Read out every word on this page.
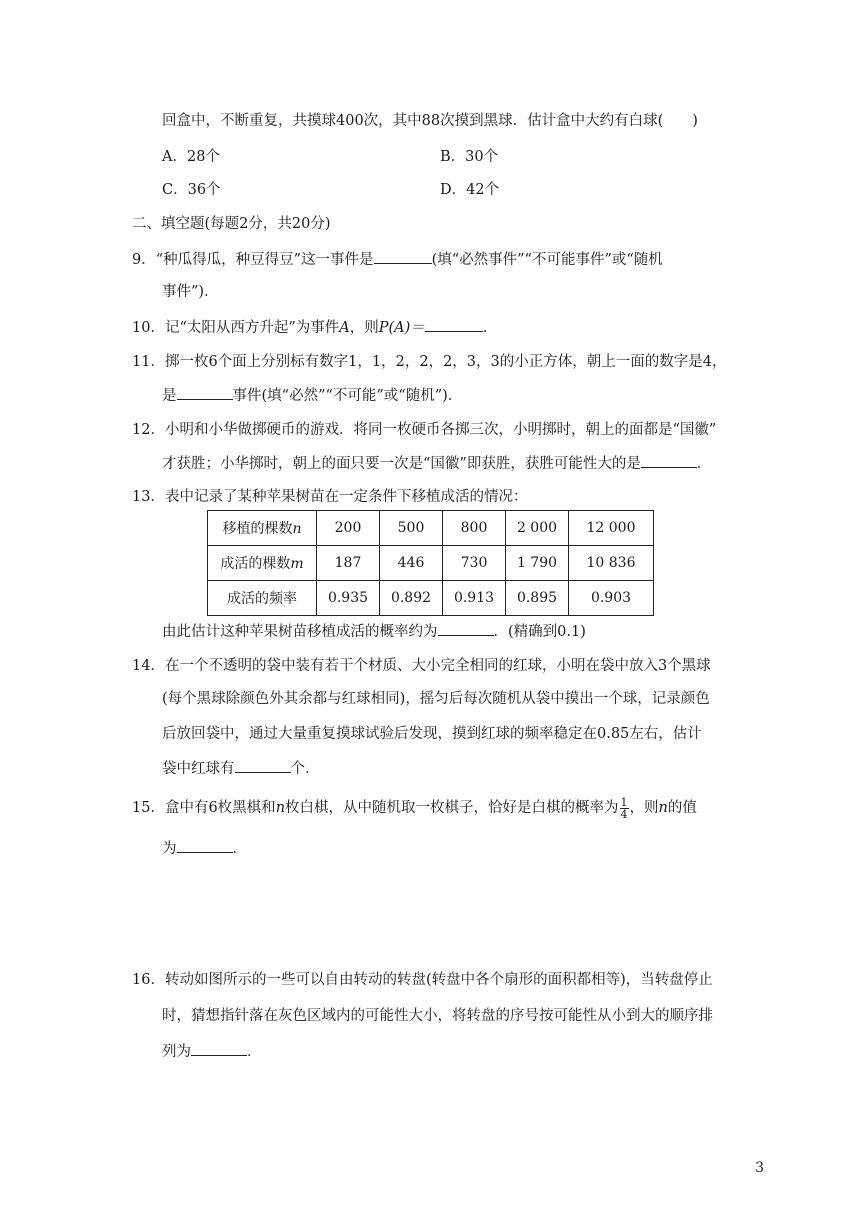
回盒中，不断重复，共摸球400次，其中88次摸到黑球．估计盒中大约有白球(　　)
A．28个	B．30个
C．36个	D．42个
二、填空题(每题2分，共20分)
9．“种瓜得瓜，种豆得豆”这一事件是	(填“必然事件”“不可能事件”或“随机
事件”)．
10．记“太阳从西方升起”为事件A，则P(A)＝	．
11．掷一枚6个面上分别标有数字1，1，2，2，2，3，3的小正方体，朝上一面的数字是4，
是	事件(填“必然”“不可能”或“随机”)．
12．小明和小华做掷硬币的游戏．将同一枚硬币各掷三次，小明掷时，朝上的面都是“国徽”
才获胜；小华掷时，朝上的面只要一次是“国徽”即获胜，获胜可能性大的是	．
13．表中记录了某种苹果树苗在一定条件下移植成活的情况：
移植的棵数n	200	500	800	2 000	12 000
成活的棵数m	187	446	730	1 790	10 836
成活的频率	0.935	0.892	0.913	0.895	0.903
由此估计这种苹果树苗移植成活的概率约为	．(精确到0.1)
14．在一个不透明的袋中装有若干个材质、大小完全相同的红球，小明在袋中放入3个黑球
(每个黑球除颜色外其余都与红球相同)，摇匀后每次随机从袋中摸出一个球，记录颜色
后放回袋中，通过大量重复摸球试验后发现，摸到红球的频率稳定在0.85左右，估计
袋中红球有	个．
15．盒中有6枚黑棋和n枚白棋，从中随机取一枚棋子，恰好是白棋的概率为 $\frac{1}{4}$ ，则n的值
为	．
16．转动如图所示的一些可以自由转动的转盘(转盘中各个扇形的面积都相等)，当转盘停止
时，猜想指针落在灰色区域内的可能性大小，将转盘的序号按可能性从小到大的顺序排
列为	．
3
